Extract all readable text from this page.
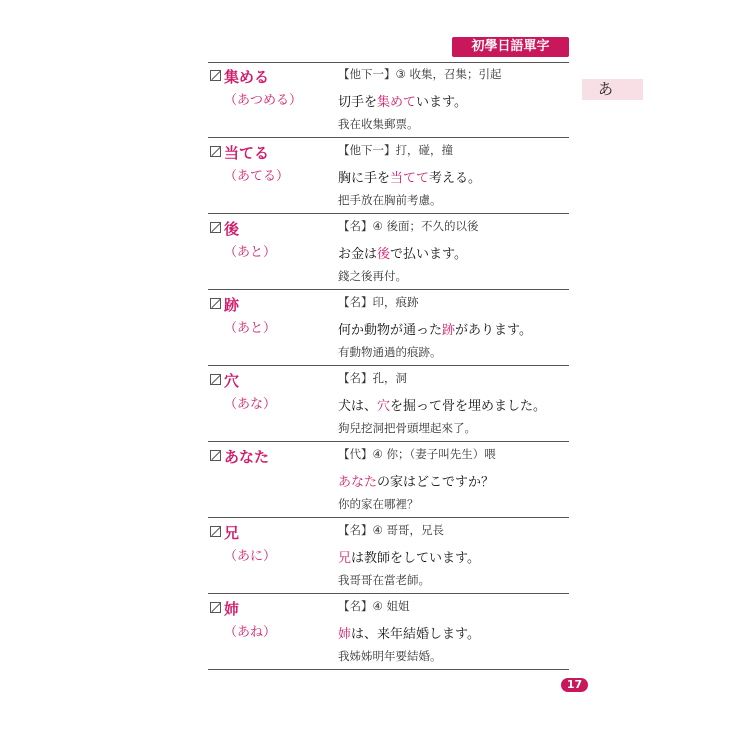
初學日語單字 2000
あ
集める
（あつめる）
【他下一】③ 收集，召集；引起
切手を集めています。
我在收集郵票。
当てる
（あてる）
【他下一】打，碰，撞
胸に手を当てて考える。
把手放在胸前考慮。
後
（あと）
【名】④ 後面；不久的以後
お金は後で払います。
錢之後再付。
跡
（あと）
【名】印，痕跡
何か動物が通った跡があります。
有動物通過的痕跡。
穴
（あな）
【名】孔，洞
犬は、穴を掘って骨を埋めました。
狗兒挖洞把骨頭埋起來了。
あなた	【代】④ 你；（妻子叫先生）喂
あなたの家はどこですか？
你的家在哪裡？
兄
（あに）
【名】④ 哥哥，兄長
兄は教師をしています。
我哥哥在當老師。
姉
（あね）
【名】④ 姐姐
姉は、来年結婚します。
我姊姊明年要結婚。
17
